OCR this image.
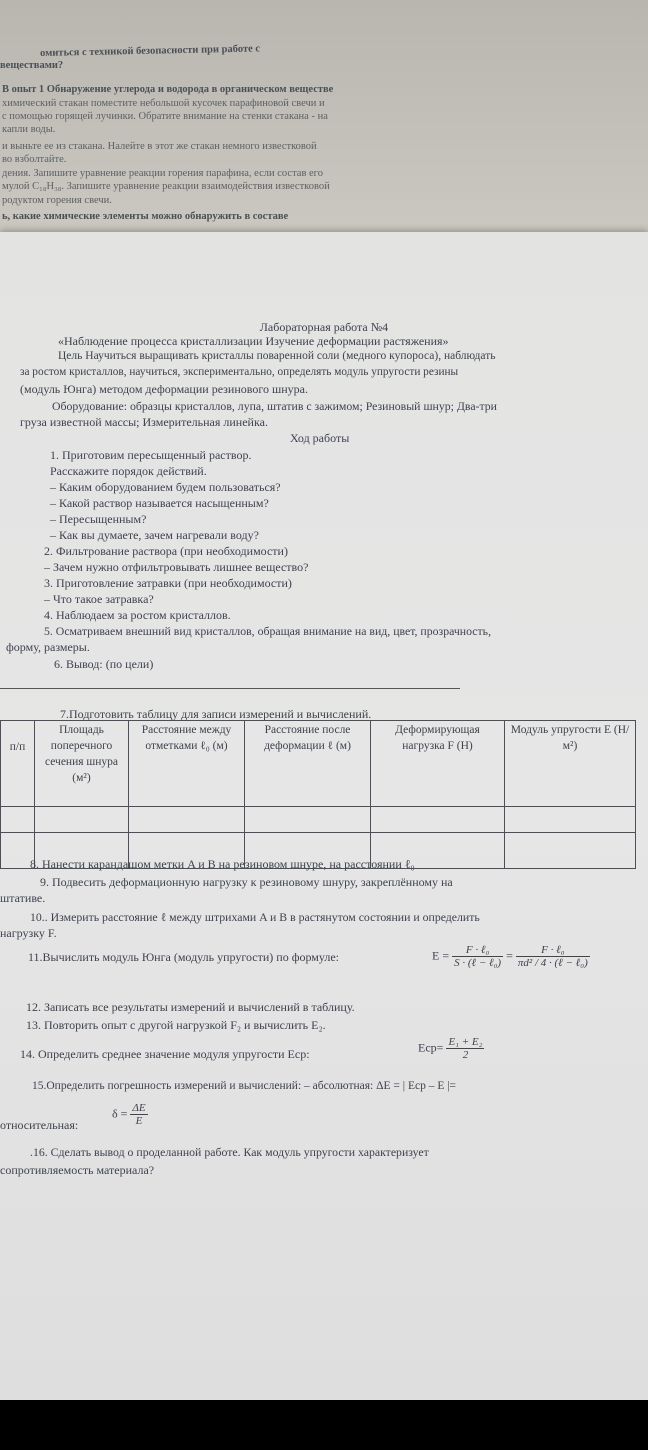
омиться с техникой безопасности при работе с
веществами?
В опыт 1 Обнаружение углерода и водорода в органическом веществе
химический стакан поместите небольшой кусочек парафиновой свечи и
с помощью горящей лучинки. Обратите внимание на стенки стакана - на
капли воды.
и выньте ее из стакана. Налейте в этот же стакан немного известковой
во взболтайте.
дения. Запишите уравнение реакции горения парафина, если состав его
мулой C₁₈H₃₈. Запишите уравнение реакции взаимодействия известковой
родуктом горения свечи.
ь, какие химические элементы можно обнаружить в составе
Лабораторная работа №4
«Наблюдение процесса кристаллизации Изучение деформации растяжения»
Цель Научиться выращивать кристаллы поваренной соли (медного купороса), наблюдать
за ростом кристаллов, научиться, экспериментально, определять модуль упругости резины
(модуль Юнга) методом деформации резинового шнура.
Оборудование: образцы кристаллов, лупа, штатив с зажимом; Резиновый шнур; Два-три
груза известной массы; Измерительная линейка.
Ход работы
1. Приготовим пересыщенный раствор.
Расскажите порядок действий.
– Каким оборудованием будем пользоваться?
– Какой раствор называется насыщенным?
– Пересыщенным?
– Как вы думаете, зачем нагревали воду?
2. Фильтрование раствора (при необходимости)
– Зачем нужно отфильтровывать лишнее вещество?
3. Приготовление затравки (при необходимости)
– Что такое затравка?
4. Наблюдаем за ростом кристаллов.
5. Осматриваем внешний вид кристаллов, обращая внимание на вид, цвет, прозрачность,
форму, размеры.
6. Вывод: (по цели)
7.Подготовить таблицу для записи измерений и вычислений.
п/п	Площадь поперечного сечения шнура (м²)	Расстояние между отметками ℓ₀ (м)	Расстояние после деформации ℓ (м)	Деформирующая нагрузка F (Н)	Модуль упругости E (Н/м²)

8. Нанести карандашом метки A и B на резиновом шнуре, на расстоянии ℓ₀
9. Подвесить деформационную нагрузку к резиновому шнуру, закреплённому на
штативе.
10.. Измерить расстояние ℓ между штрихами A и B в растянутом состоянии и определить
нагрузку F.
11.Вычислить модуль Юнга (модуль упругости) по формуле:	$E = \frac{\text{F · ℓ₀}}{\text{S · (ℓ − ℓ₀)}} = \frac{\text{F · ℓ₀}}{\text{πd² / 4 · (ℓ − ℓ₀)}}$
12. Записать все результаты измерений и вычислений в таблицу.
13. Повторить опыт с другой нагрузкой F₂ и вычислить E₂.
14. Определить среднее значение модуля упругости Eср:	$Eср= \frac{\text{E₁ + E₂}}{2}$
15.Определить погрешность измерений и вычислений: – абсолютная: ΔE = | Eср – E |=
относительная:
$\delta = \frac{\Delta E}{E}$
.16. Сделать вывод о проделанной работе. Как модуль упругости характеризует
сопротивляемость материала?
